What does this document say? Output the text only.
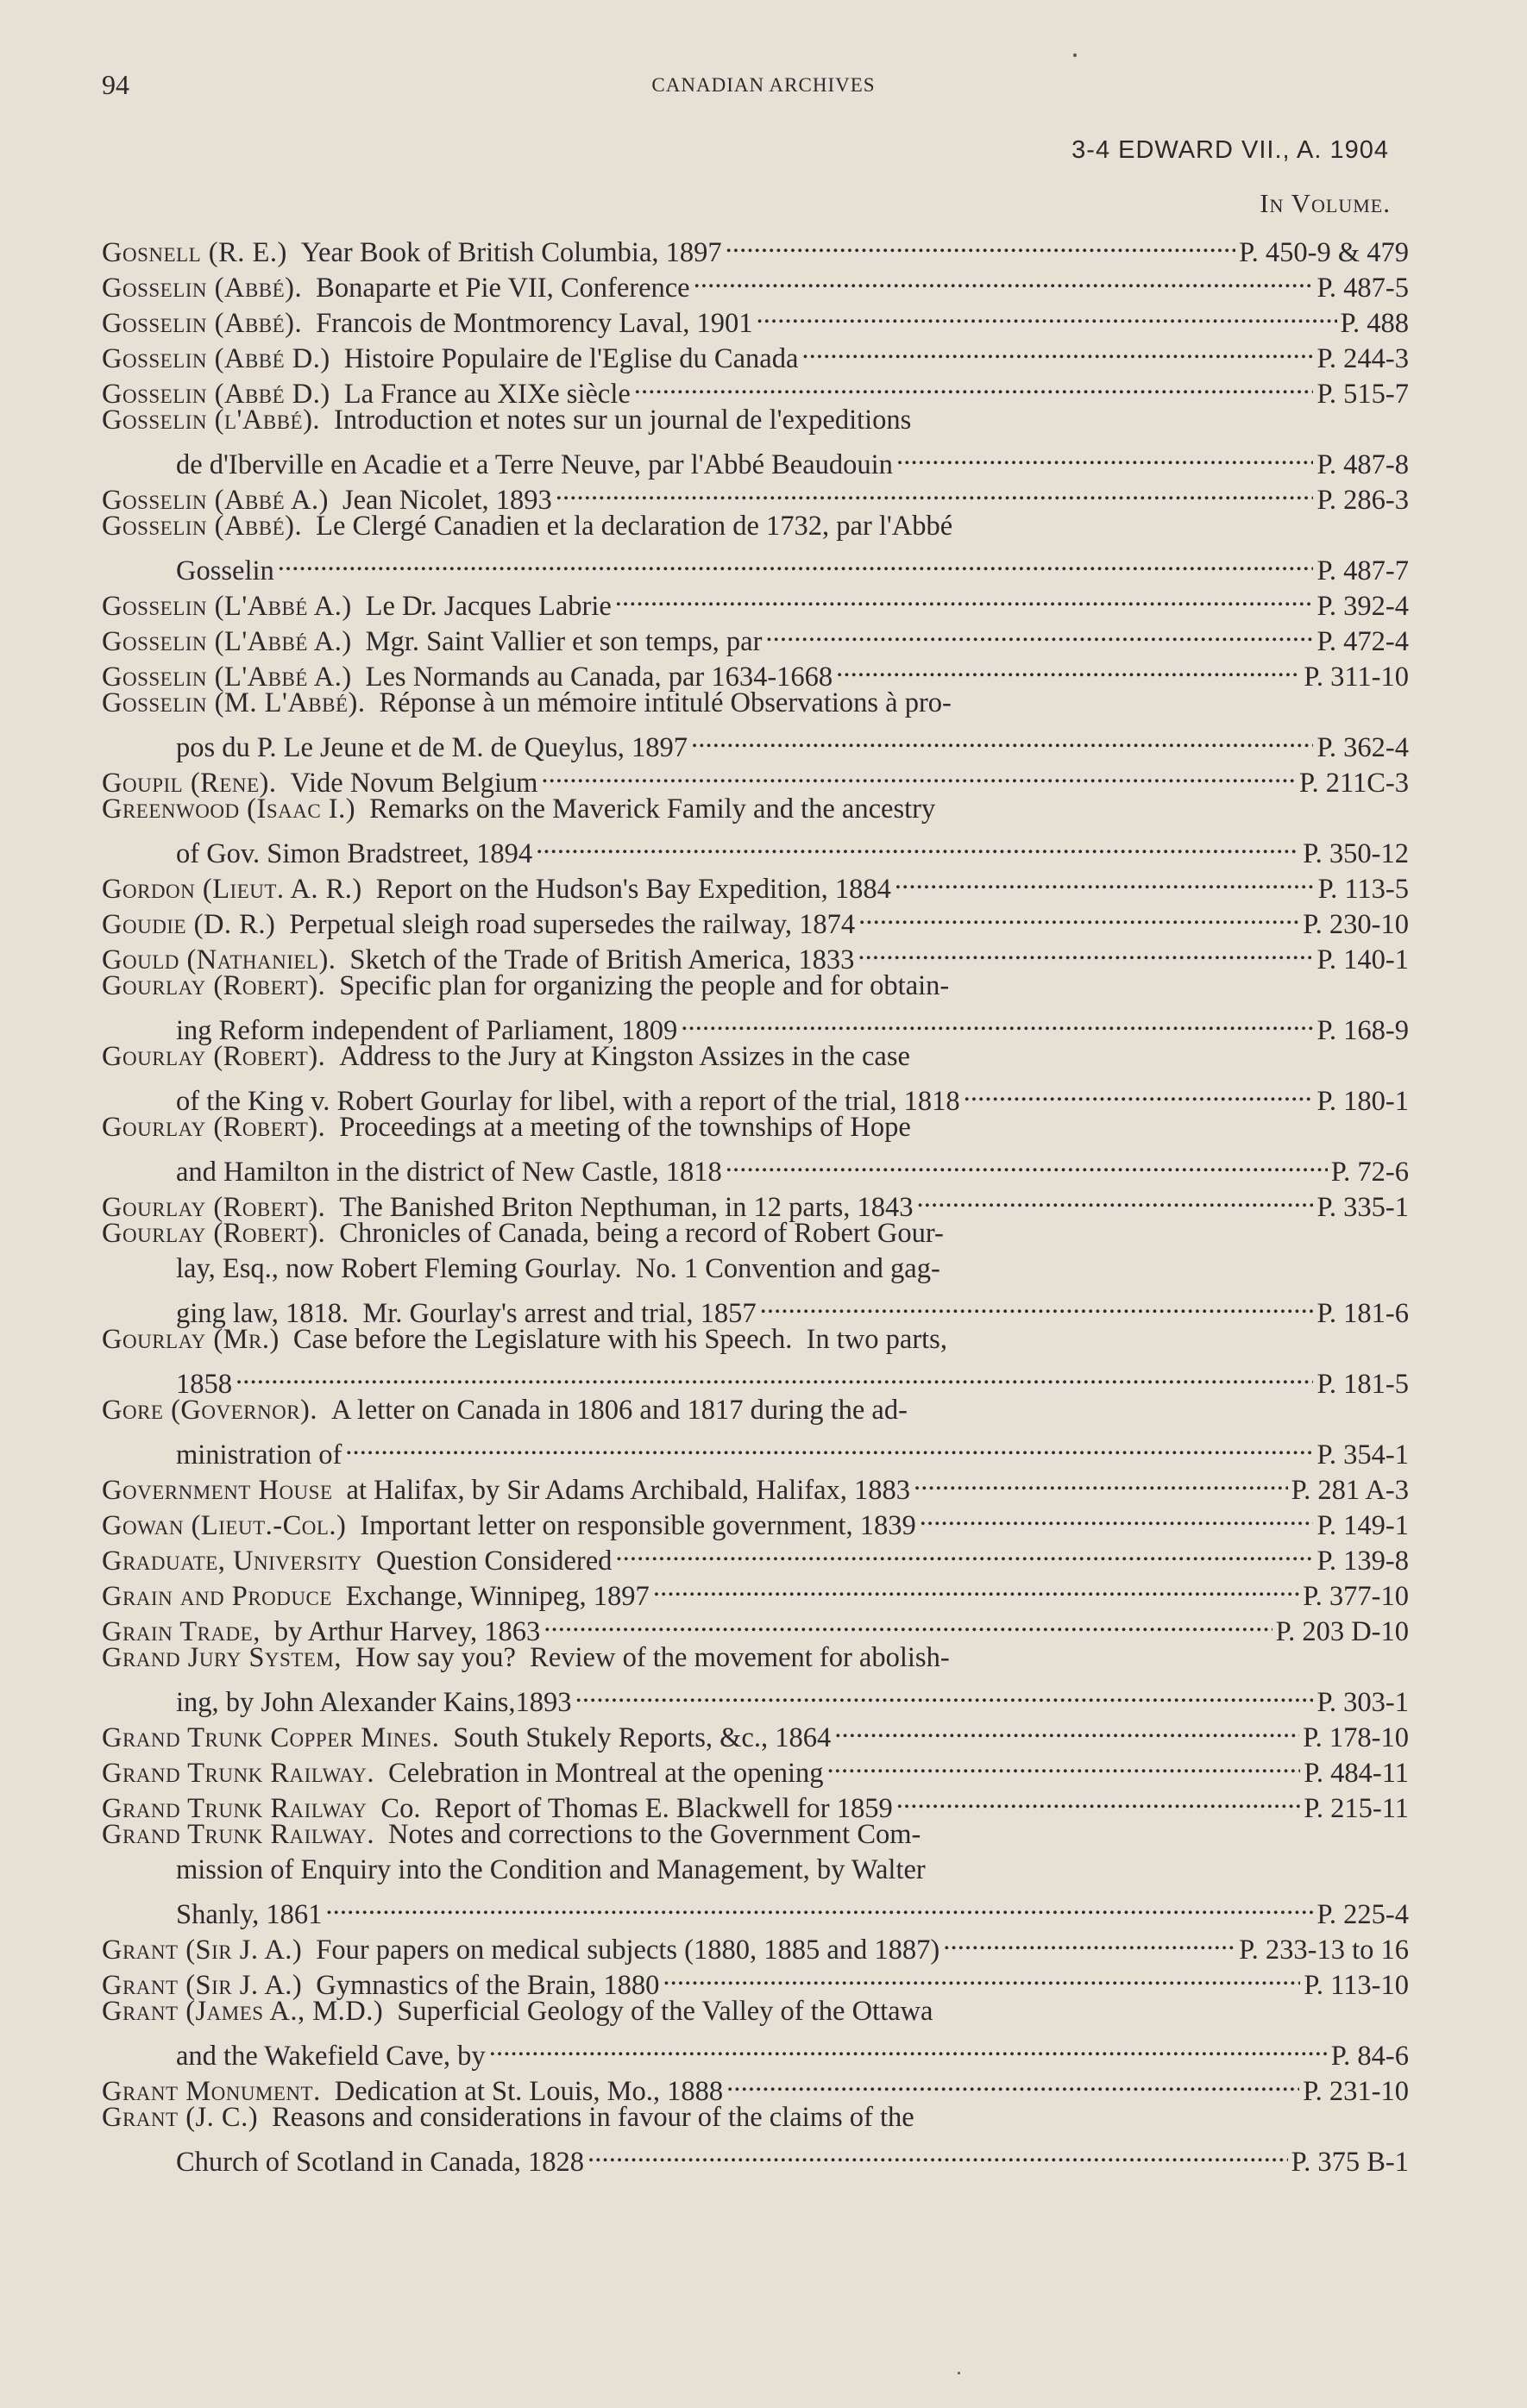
94	CANADIAN ARCHIVES
3-4 EDWARD VII., A. 1904
In Volume.
Gosnell (R. E.) Year Book of British Columbia, 1897 . . .	P. 450-9 & 479
Gosselin (Abbé). Bonaparte et Pie VII, Conference . . .	P. 487-5
Gosselin (Abbé). Francois de Montmorency Laval, 1901 . . .	P. 488
Gosselin (Abbé D.) Histoire Populaire de l'Eglise du Canada . . .	P. 244-3
Gosselin (Abbé D.) La France au XIXe siècle . . .	P. 515-7
Gosselin (l'Abbé). Introduction et notes sur un journal de l'expeditions
de d'Iberville en Acadie et a Terre Neuve, par l'Abbé Beaudouin . . .	P. 487-8
Gosselin (Abbé A.) Jean Nicolet, 1893 . . .	P. 286-3
Gosselin (Abbé). Le Clergé Canadien et la declaration de 1732, par l'Abbé
Gosselin . . .	P. 487-7
Gosselin (L'Abbé A.) Le Dr. Jacques Labrie . . .	P. 392-4
Gosselin (L'Abbé A.) Mgr. Saint Vallier et son temps, par . . .	P. 472-4
Gosselin (L'Abbé A.) Les Normands au Canada, par 1634-1668 . . .	P. 311-10
Gosselin (M. L'Abbé). Réponse à un mémoire intitulé Observations à pro-
pos du P. Le Jeune et de M. de Queylus, 1897 . . .	P. 362-4
Goupil (Rene). Vide Novum Belgium . . .	P. 211C-3
Greenwood (Isaac I.) Remarks on the Maverick Family and the ancestry
of Gov. Simon Bradstreet, 1894 . . .	P. 350-12
Gordon (Lieut. A. R.) Report on the Hudson's Bay Expedition, 1884 . . .	P. 113-5
Goudie (D. R.) Perpetual sleigh road supersedes the railway, 1874 . . .	P. 230-10
Gould (Nathaniel). Sketch of the Trade of British America, 1833 . . .	P. 140-1
Gourlay (Robert). Specific plan for organizing the people and for obtain-
ing Reform independent of Parliament, 1809 . . .	P. 168-9
Gourlay (Robert). Address to the Jury at Kingston Assizes in the case
of the King v. Robert Gourlay for libel, with a report of the trial, 1818 . . .	P. 180-1
Gourlay (Robert). Proceedings at a meeting of the townships of Hope
and Hamilton in the district of New Castle, 1818 . . .	P. 72-6
Gourlay (Robert). The Banished Briton Nepthuman, in 12 parts, 1843 . . .	P. 335-1
Gourlay (Robert). Chronicles of Canada, being a record of Robert Gour-
lay, Esq., now Robert Fleming Gourlay.  No. 1 Convention and gag-
ging law, 1818.  Mr. Gourlay's arrest and trial, 1857 . . .	P. 181-6
Gourlay (Mr.) Case before the Legislature with his Speech.  In two parts,
1858 . . .	P. 181-5
Gore (Governor). A letter on Canada in 1806 and 1817 during the ad-
ministration of . . .	P. 354-1
Government House at Halifax, by Sir Adams Archibald, Halifax, 1883 . . .	P. 281 A-3
Gowan (Lieut.-Col.) Important letter on responsible government, 1839 . . .	P. 149-1
Graduate, University Question Considered . . .	P. 139-8
Grain and Produce Exchange, Winnipeg, 1897 . . .	P. 377-10
Grain Trade, by Arthur Harvey, 1863 . . .	P. 203 D-10
Grand Jury System, How say you?  Review of the movement for abolish-
ing, by John Alexander Kains,1893 . . .	P. 303-1
Grand Trunk Copper Mines. South Stukely Reports, &c., 1864 . . .	P. 178-10
Grand Trunk Railway. Celebration in Montreal at the opening . . .	P. 484-11
Grand Trunk Railway Co.  Report of Thomas E. Blackwell for 1859 . . .	P. 215-11
Grand Trunk Railway. Notes and corrections to the Government Com-
mission of Enquiry into the Condition and Management, by Walter
Shanly, 1861 . . .	P. 225-4
Grant (Sir J. A.) Four papers on medical subjects (1880, 1885 and 1887) . . .	P. 233-13 to 16
Grant (Sir J. A.) Gymnastics of the Brain, 1880 . . .	P. 113-10
Grant (James A., M.D.) Superficial Geology of the Valley of the Ottawa
and the Wakefield Cave, by . . .	P. 84-6
Grant Monument. Dedication at St. Louis, Mo., 1888 . . .	P. 231-10
Grant (J. C.) Reasons and considerations in favour of the claims of the
Church of Scotland in Canada, 1828 . . .	P. 375 B-1
